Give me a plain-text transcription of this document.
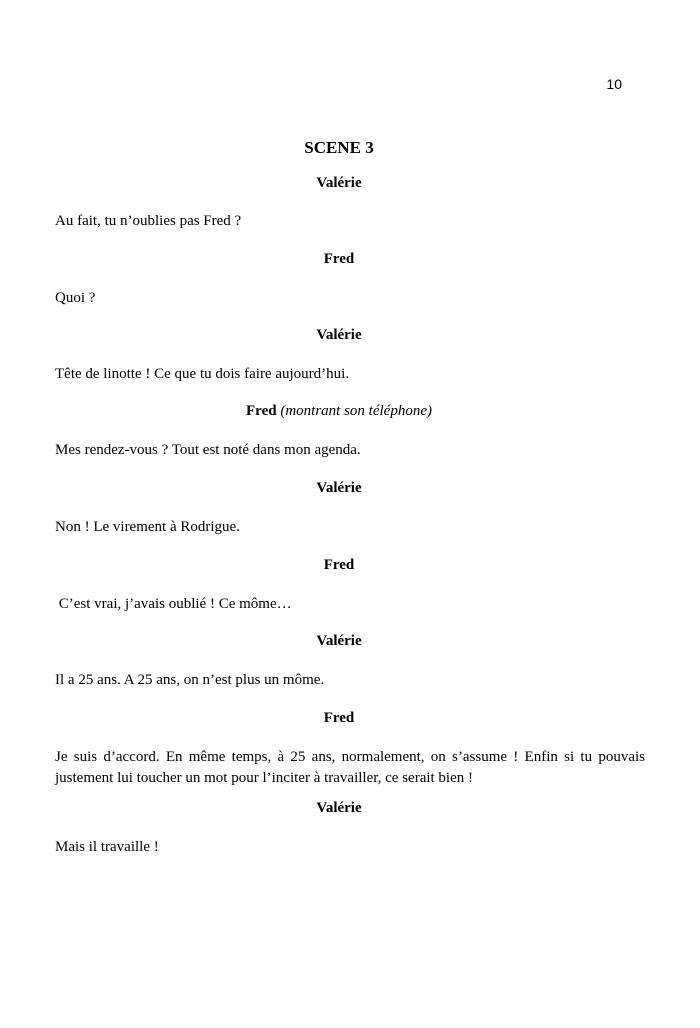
10
SCENE 3
Valérie
Au fait, tu n’oublies pas Fred ?
Fred
Quoi ?
Valérie
Tête de linotte ! Ce que tu dois faire aujourd’hui.
Fred (montrant son téléphone)
Mes rendez-vous ? Tout est noté dans mon agenda.
Valérie
Non ! Le virement à Rodrigue.
Fred
C’est vrai, j’avais oublié ! Ce môme…
Valérie
Il a 25 ans. A 25 ans, on n’est plus un môme.
Fred
Je suis d’accord. En même temps, à 25 ans, normalement, on s’assume ! Enfin si tu pouvais justement lui toucher un mot pour l’inciter à travailler, ce serait bien !
Valérie
Mais il travaille !
